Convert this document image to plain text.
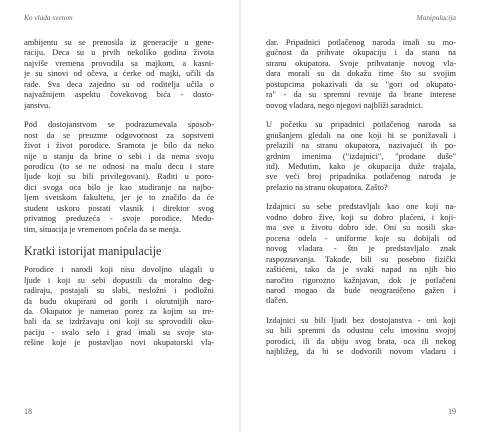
Ko vlada svetom
ambijentu su se prenosila iz generacije u gene-
raciju. Deca su u prvih nekoliko godina života
najviše vremena provodila sa majkom, a kasni-
je su sinovi od očeva, a ćerke od majki, učili da
rade. Sva deca zajedno su od roditelja učila o
najvažnijem aspektu čovekovog bića - dosto-
janstvu.
Pod dostojanstvom se podrazumevala sposob-
nost da se preuzme odgovornost za sopstveni
život i život porodice. Sramota je bilo da neko
nije u stanju da brine o sebi i da nema svoju
porodicu (to se ne odnosi na malu decu i stare
ljude koji su bili privilegovani). Raditi u poro-
dici svoga oca bilo je kao studiranje na najbo-
ljem svetskom fakultetu, jer je to značilo da će
student uskoro postati vlasnik i direktor svog
privatnog preduzeća - svoje porodice. Među-
tim, situacija je vremenom počela da se menja.
Kratki istorijat manipulacije
Porodice i narodi koji nisu dovoljno ulagali u
ljude i koji su sebi dopustili da moralno deg-
radiraju, postajali su slabi, nesložni i podložni
da budu okupirani od gorih i okrutnijih naro-
da. Okupator je nametao porez za kojim su tre-
bali da se izdržavaju oni koji su sprovodili oku-
paciju - svalo selo i grad imali su svoje sta-
rešine koje je postavljao novi okupatorski vla-
18
Manipulacija
dar. Pripadnici potlačenog naroda imali su mo-
gućnost da prihvate okupaciju i da stanu na
stranu okupatora. Svoje prihvatanje novog vla-
dara morali su da dokažu time što su svojim
postupcima pokazivali da su "gori od okupato-
ra" - da su spremni revnije da brane interese
novog vladara, nego njegovi najbliži saradnici.
U početku su pripadnici potlačenog naroda sa
gnušanjem gledali na one koji bi se ponižavali i
prelazili na stranu okupatora, nazivajući ih po-
grdnim imenima ("izdajnici", "prodane duše"
itd). Međutim, kako je okupacija duže trajala,
sve veći broj pripadnika potlačenog naroda je
prelazio na stranu okupatora. Zašto?
Izdajnici su sebe predstavljali kao one koji na-
vodno dobro žive, koji su dobro plaćeni, i koji-
ma sve u životu dobro ide. Oni su nosili ska-
pocena odela - uniforme koje su dobijali od
novog vladara - što je predstavljalo znak
raspoznavanja. Takođe, bili su posebno fizički
zaštićeni, tako da je svaki napad na njih bio
naročito rigorozno kažnjavan, dok je potlačeni
narod mogao da bude neograničeno gažen i
tlačen.
Izdajnici su bili ljudi bez dostojanstva - oni koji
su bili spremni da odustnu celu imovinu svojoj
porodici, ili da ubiju svog brata, oca ili nekog
najbližeg, da bi se dodvorili novom vladaru i
19
